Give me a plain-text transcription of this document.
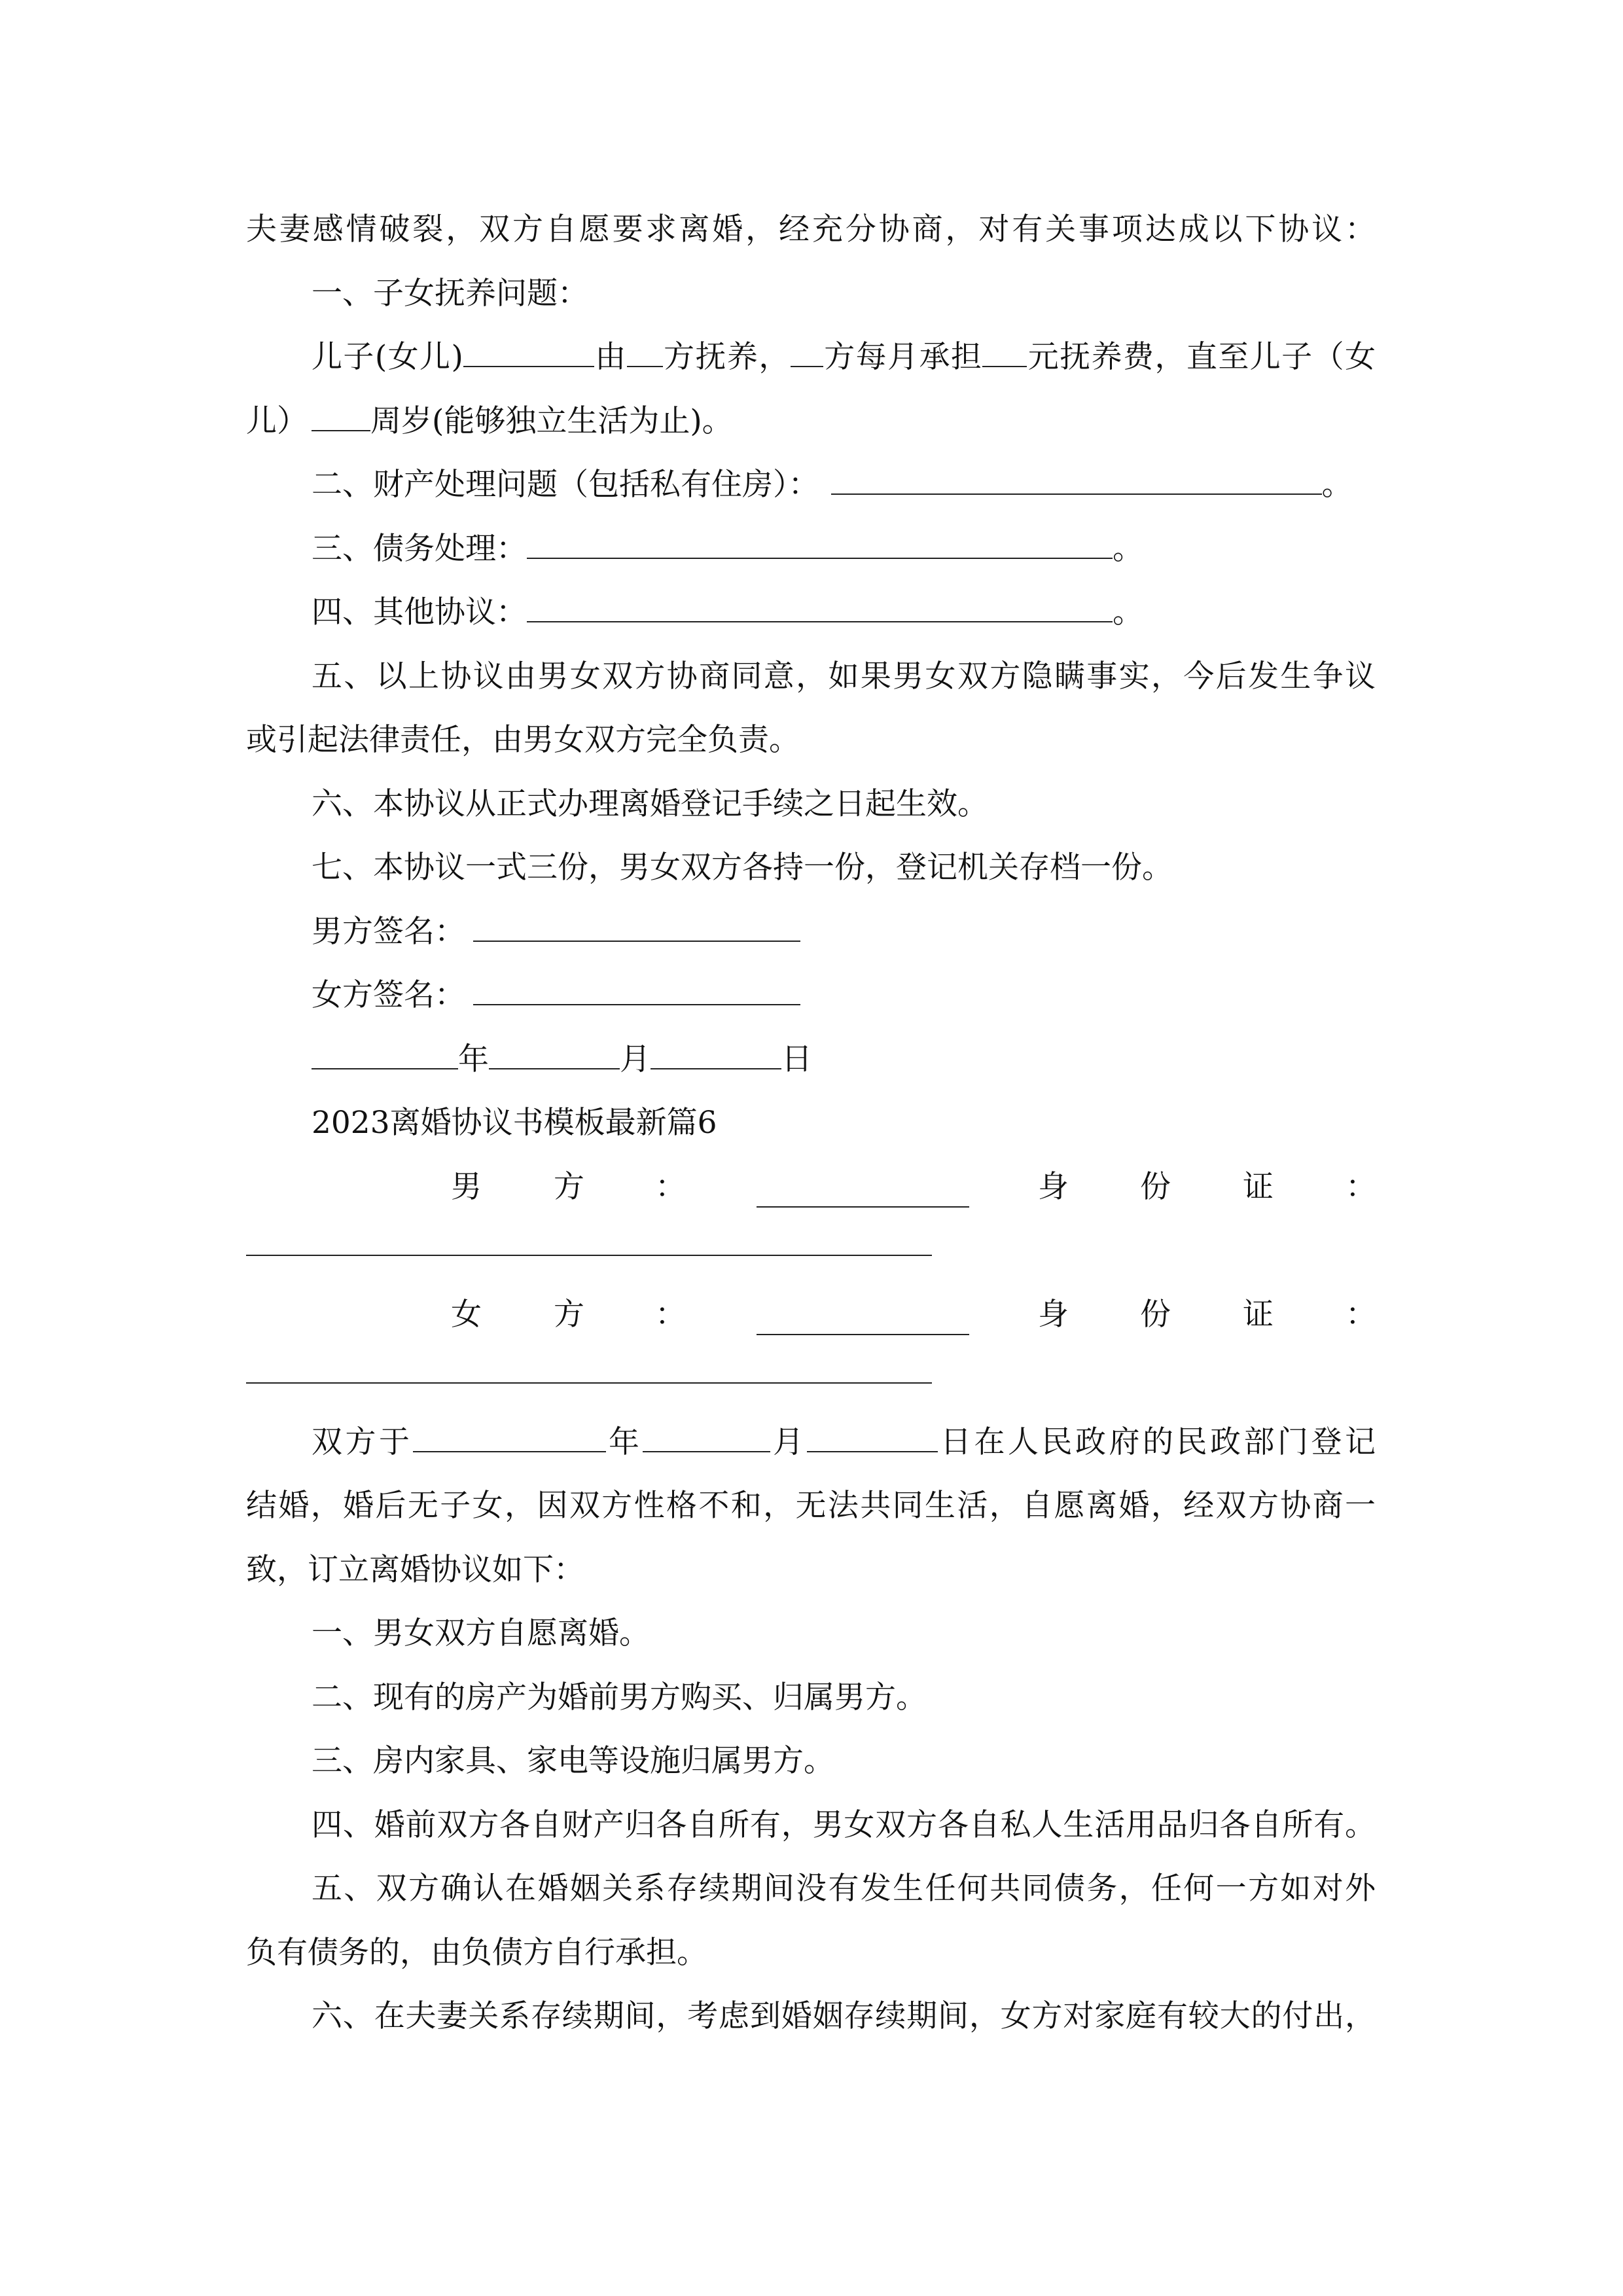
夫妻感情破裂，双方自愿要求离婚，经充分协商，对有关事项达成以下协议：
一、子女抚养问题：
儿子(女儿)	由 方抚养， 方每月承担 元抚养费，直至儿子（女
儿） 周岁(能够独立生活为止)。
二、财产处理问题（包括私有住房）：	。
三、债务处理：	。
四、其他协议：	。
五、以上协议由男女双方协商同意，如果男女双方隐瞒事实，今后发生争议
或引起法律责任，由男女双方完全负责。
六、本协议从正式办理离婚登记手续之日起生效。
七、本协议一式三份，男女双方各持一份，登记机关存档一份。
男方签名：
女方签名：
年	月	日
2023离婚协议书模板最新篇6
男 方 ：	身 份 证 ：
女 方 ：	身 份 证 ：
双方于	年	月	日在人民政府的民政部门登记
结婚，婚后无子女，因双方性格不和，无法共同生活，自愿离婚，经双方协商一
致，订立离婚协议如下：
一、男女双方自愿离婚。
二、现有的房产为婚前男方购买、归属男方。
三、房内家具、家电等设施归属男方。
四、婚前双方各自财产归各自所有，男女双方各自私人生活用品归各自所有。
五、双方确认在婚姻关系存续期间没有发生任何共同债务，任何一方如对外
负有债务的，由负债方自行承担。
六、在夫妻关系存续期间，考虑到婚姻存续期间，女方对家庭有较大的付出，
